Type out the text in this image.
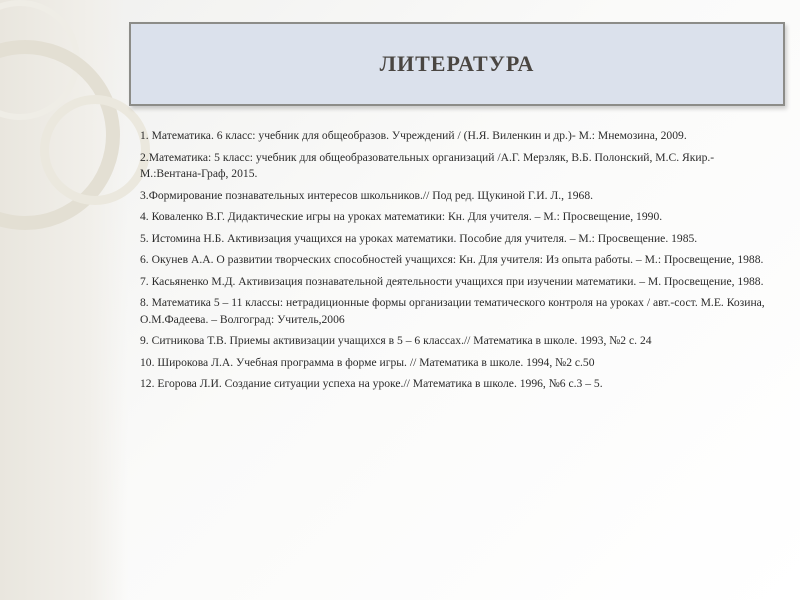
ЛИТЕРАТУРА
1. Математика. 6 класс: учебник для общеобразов. Учреждений / (Н.Я. Виленкин и др.)- М.: Мнемозина, 2009.
2.Математика: 5 класс: учебник для общеобразовательных организаций /А.Г. Мерзляк, В.Б. Полонский, М.С. Якир.-М.:Вентана-Граф, 2015.
3.Формирование познавательных интересов школьников.// Под ред. Щукиной Г.И. Л., 1968.
4. Коваленко В.Г. Дидактические игры на уроках математики: Кн. Для учителя. – М.: Просвещение, 1990.
5. Истомина Н.Б. Активизация учащихся на уроках математики. Пособие для учителя. – М.: Просвещение. 1985.
6. Окунев А.А. О развитии творческих способностей учащихся: Кн. Для учителя: Из опыта работы. – М.: Просвещение, 1988.
7. Касьяненко М.Д. Активизация познавательной деятельности учащихся при изучении математики. – М. Просвещение, 1988.
8. Математика 5 – 11 классы: нетрадиционные формы организации тематического контроля на уроках / авт.-сост. М.Е. Козина, О.М.Фадеева. – Волгоград: Учитель,2006
9. Ситникова Т.В. Приемы активизации учащихся в 5 – 6 классах.// Математика в школе. 1993, №2 с. 24
10. Широкова Л.А. Учебная программа в форме игры. // Математика в школе. 1994, №2 с.50
12. Егорова Л.И. Создание ситуации успеха на уроке.// Математика в школе. 1996, №6 с.3 – 5.
